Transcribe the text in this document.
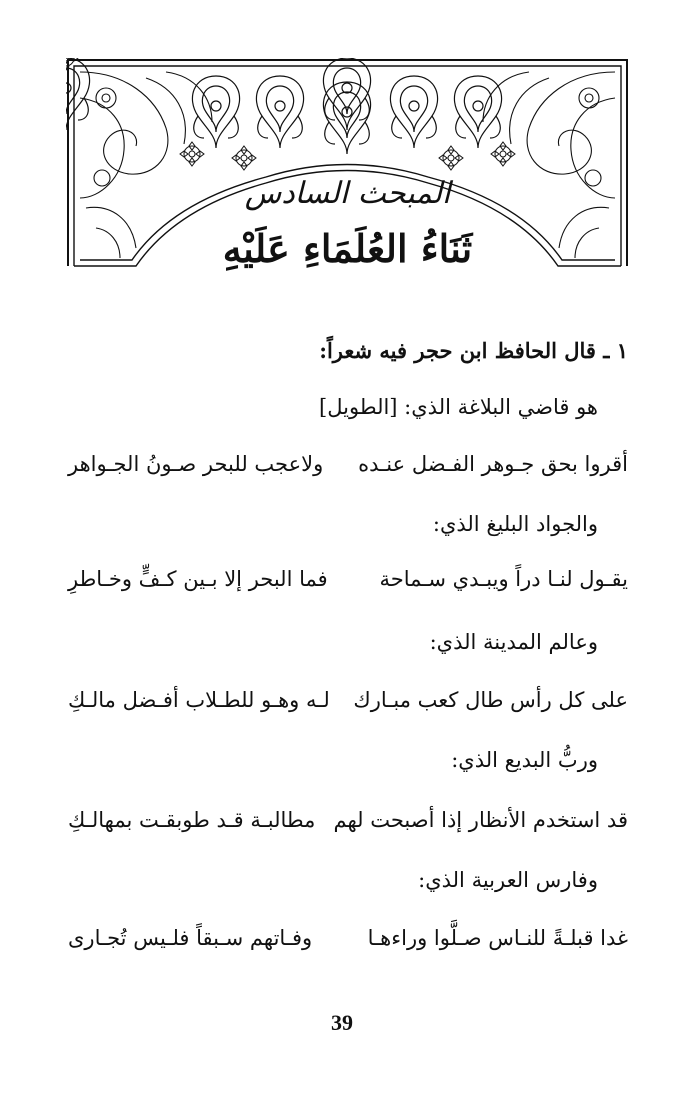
المبحث السادس
ثَنَاءُ العُلَمَاءِ عَلَيْهِ
١ ـ قال الحافظ ابن حجر فيه شعراً:
هو قاضي البلاغة الذي: [الطويل]
أقروا بحق جـوهر الفـضل عنـده
ولاعجب للبحر صـونُ الجـواهر
والجواد البليغ الذي:
يقـول لنـا دراً ويبـدي سـماحة
فما البحر إلا بـين كـفٍّ وخـاطرِ
وعالم المدينة الذي:
على كل رأس طال كعب مبـارك
لـه وهـو للطـلاب أفـضل مالـكِ
وربُّ البديع الذي:
قد استخدم الأنظار إذا أصبحت لهم
مطالبـة قـد طوبقـت بمهالـكِ
وفارس العربية الذي:
غدا قبلـةً للنـاس صـلَّوا وراءهـا
وفـاتهم سـبقاً فلـيس تُجـارى
39
